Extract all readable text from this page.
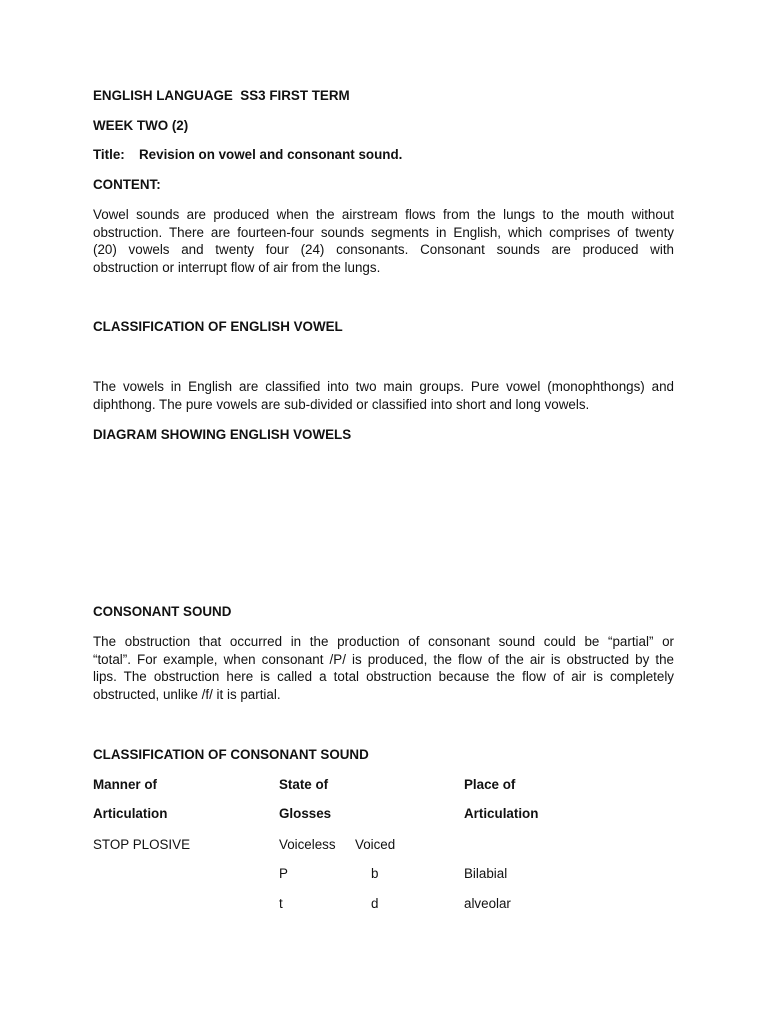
ENGLISH LANGUAGE  SS3 FIRST TERM

WEEK TWO (2)

Title: Revision on vowel and consonant sound.

CONTENT:

Vowel sounds are produced when the airstream flows from the lungs to the mouth without
obstruction. There are fourteen-four sounds segments in English, which comprises of twenty
(20) vowels and twenty four (24) consonants. Consonant sounds are produced with
obstruction or interrupt flow of air from the lungs.

CLASSIFICATION OF ENGLISH VOWEL

The vowels in English are classified into two main groups. Pure vowel (monophthongs) and
diphthong. The pure vowels are sub-divided or classified into short and long vowels.

DIAGRAM SHOWING ENGLISH VOWELS

CONSONANT SOUND

The obstruction that occurred in the production of consonant sound could be “partial” or
“total”. For example, when consonant /P/ is produced, the flow of the air is obstructed by the
lips. The obstruction here is called a total obstruction because the flow of air is completely
obstructed, unlike /f/ it is partial.

CLASSIFICATION OF CONSONANT SOUND

Manner of	State of	Place of

Articulation	Glosses	Articulation

STOP PLOSIVE	Voiceless Voiced

P	b	Bilabial

t	d	alveolar
